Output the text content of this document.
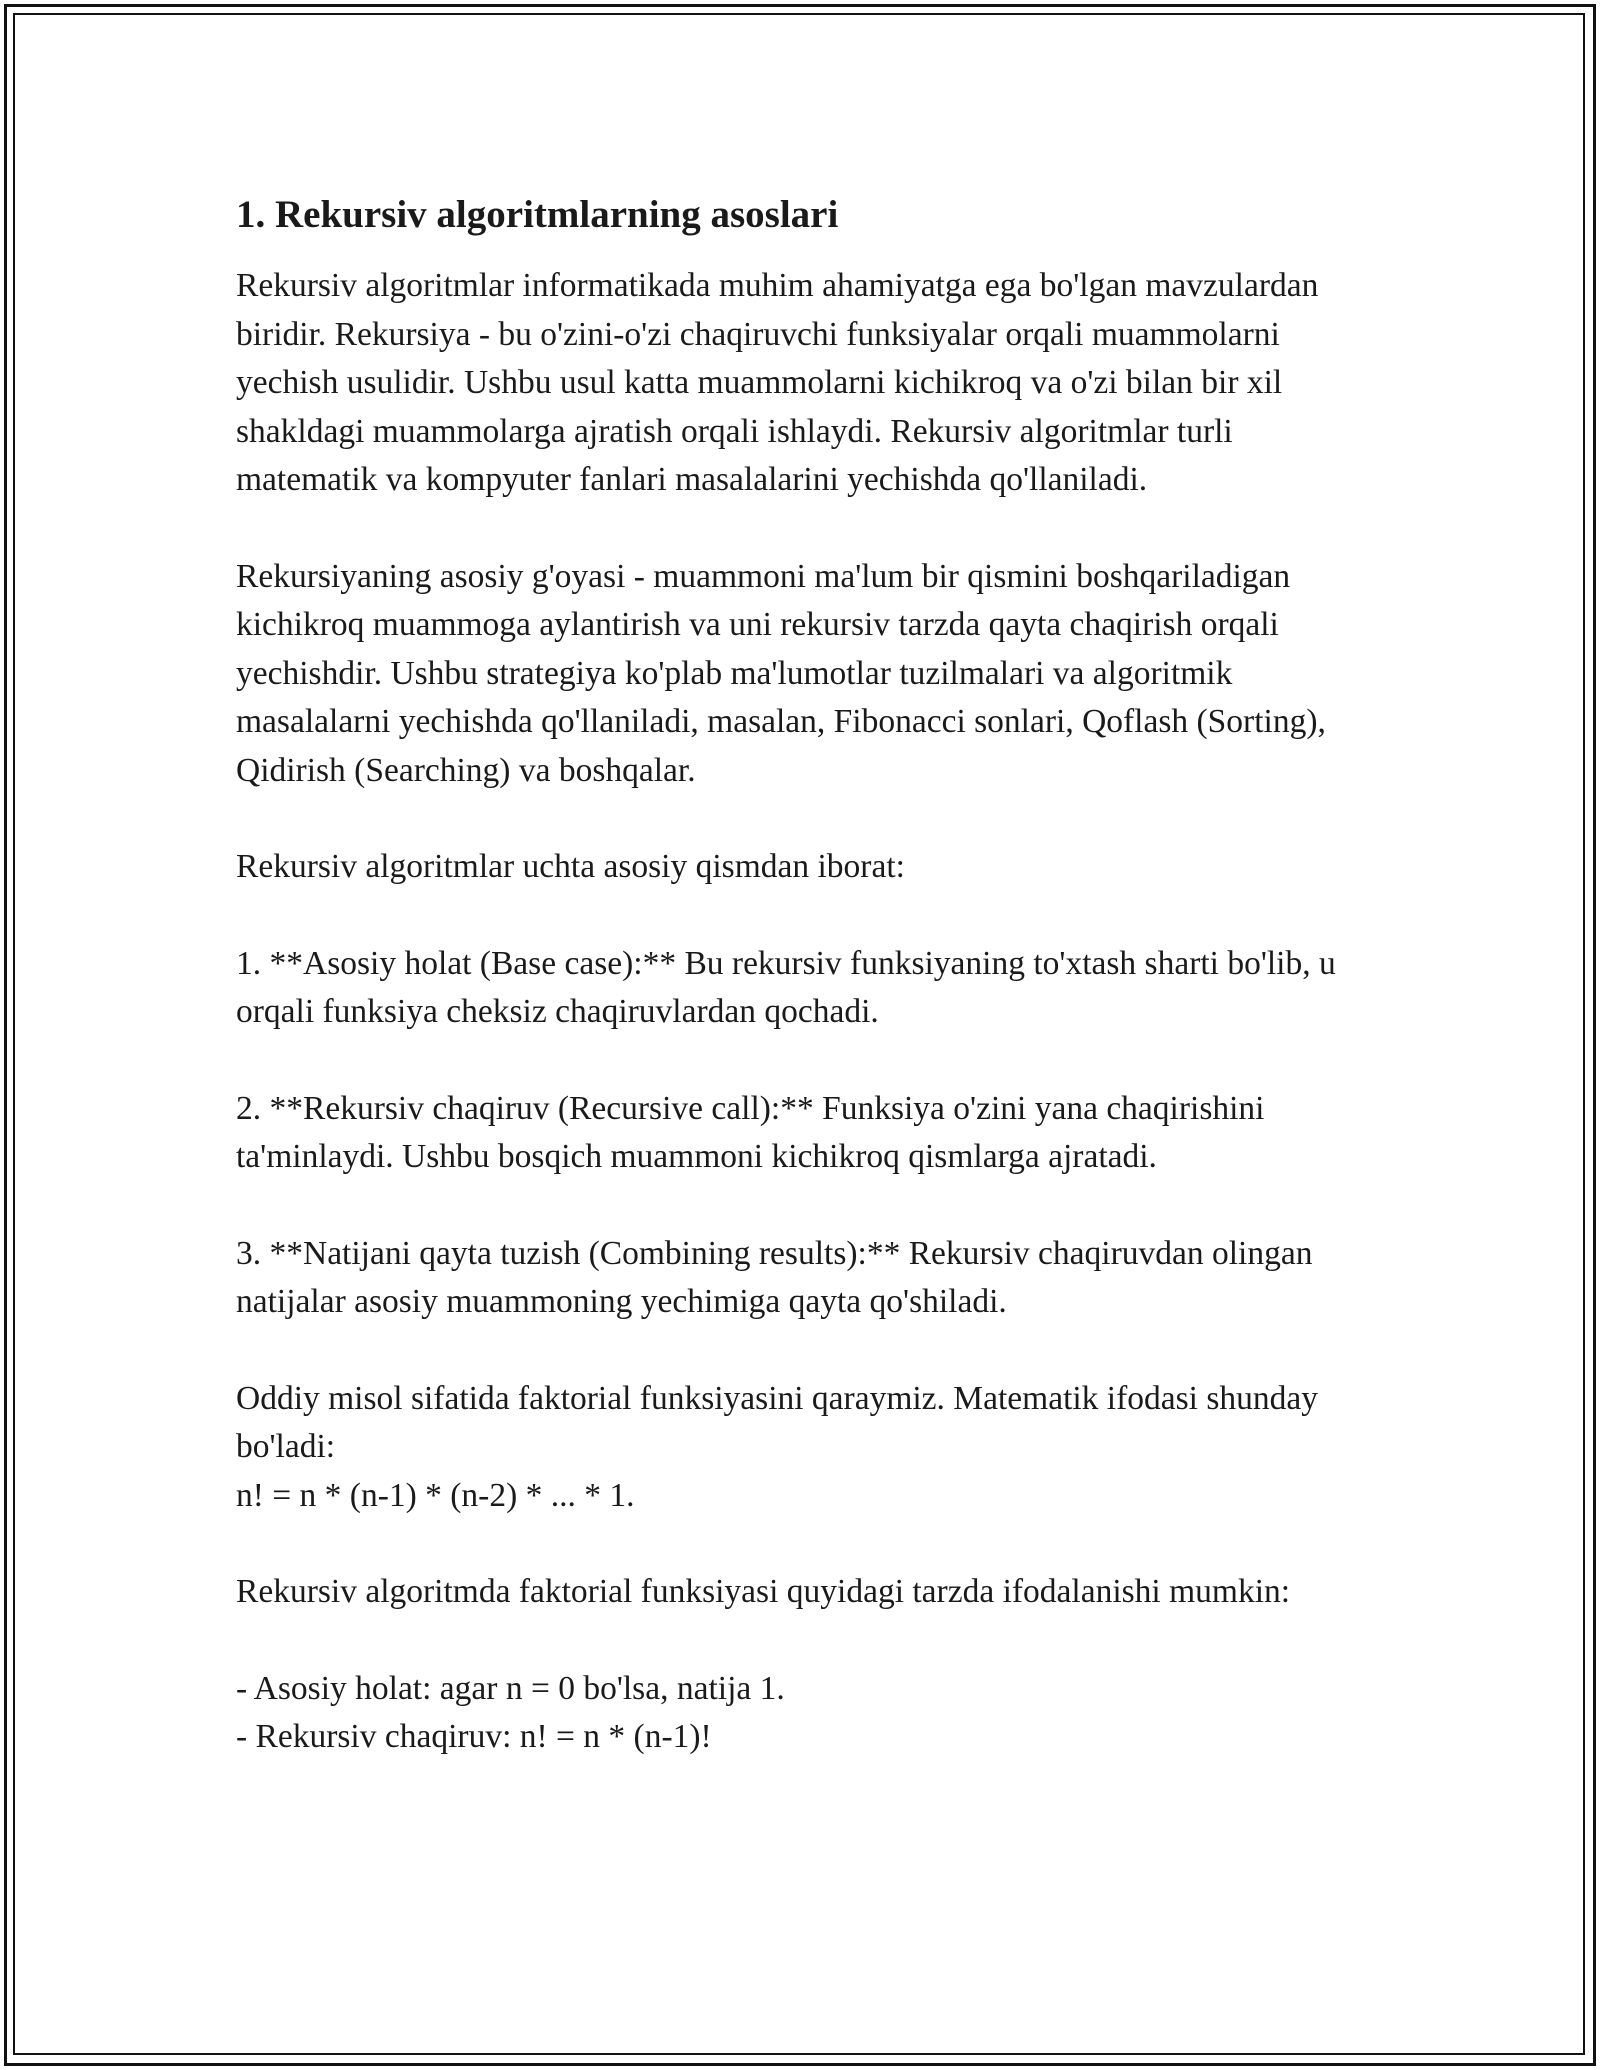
1. Rekursiv algoritmlarning asoslari

Rekursiv algoritmlar informatikada muhim ahamiyatga ega bo'lgan mavzulardan biridir. Rekursiya - bu o'zini-o'zi chaqiruvchi funksiyalar orqali muammolarni yechish usulidir. Ushbu usul katta muammolarni kichikroq va o'zi bilan bir xil shakldagi muammolarga ajratish orqali ishlaydi. Rekursiv algoritmlar turli matematik va kompyuter fanlari masalalarini yechishda qo'llaniladi.

Rekursiyaning asosiy g'oyasi - muammoni ma'lum bir qismini boshqariladigan kichikroq muammoga aylantirish va uni rekursiv tarzda qayta chaqirish orqali yechishdir. Ushbu strategiya ko'plab ma'lumotlar tuzilmalari va algoritmik masalalarni yechishda qo'llaniladi, masalan, Fibonacci sonlari, Qoflash (Sorting), Qidirish (Searching) va boshqalar.

Rekursiv algoritmlar uchta asosiy qismdan iborat:

1. **Asosiy holat (Base case):** Bu rekursiv funksiyaning to'xtash sharti bo'lib, u orqali funksiya cheksiz chaqiruvlardan qochadi.

2. **Rekursiv chaqiruv (Recursive call):** Funksiya o'zini yana chaqirishini ta'minlaydi. Ushbu bosqich muammoni kichikroq qismlarga ajratadi.

3. **Natijani qayta tuzish (Combining results):** Rekursiv chaqiruvdan olingan natijalar asosiy muammoning yechimiga qayta qo'shiladi.

Oddiy misol sifatida faktorial funksiyasini qaraymiz. Matematik ifodasi shunday bo'ladi:
n! = n * (n-1) * (n-2) * ... * 1.

Rekursiv algoritmda faktorial funksiyasi quyidagi tarzda ifodalanishi mumkin:

- Asosiy holat: agar n = 0 bo'lsa, natija 1.
- Rekursiv chaqiruv: n! = n * (n-1)!
